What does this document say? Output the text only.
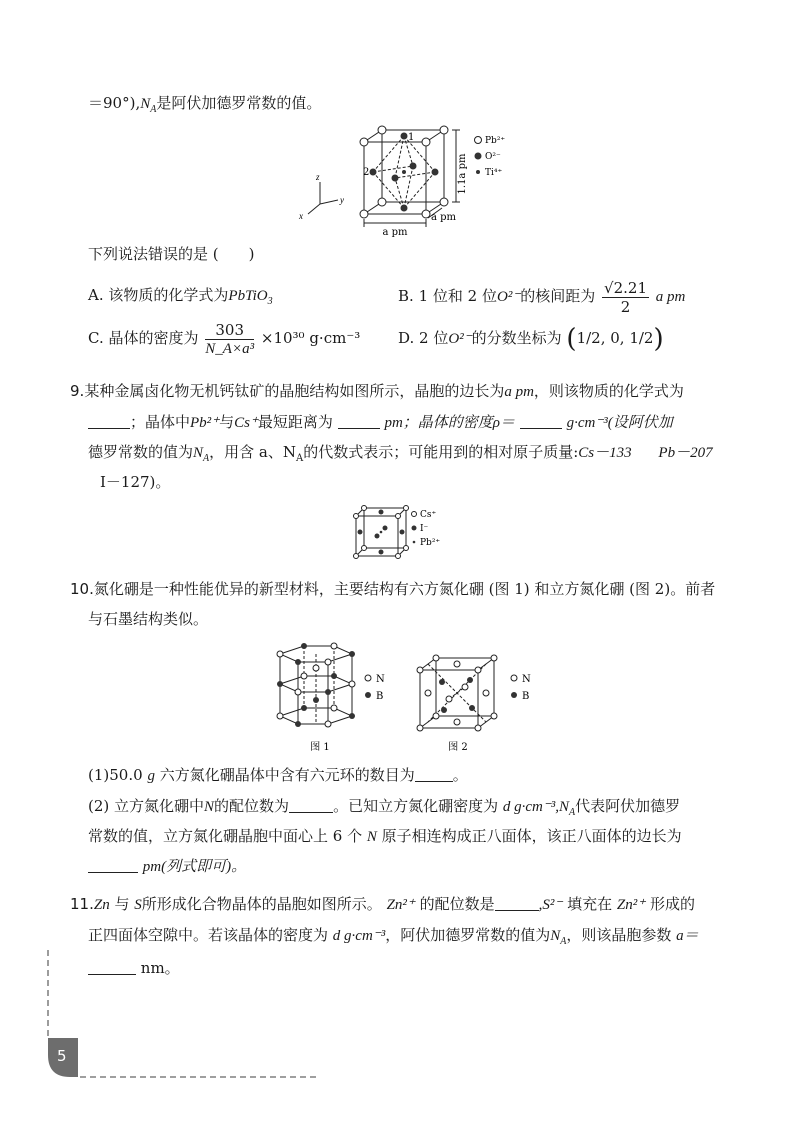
$=90^\circ),N_A$是阿伏加德罗常数的值。
1
2	1.1a pm
a pm
a pm
z
y
x
Pb²⁺
O²⁻
Ti⁴⁺
下列说法错误的是 (　　)
A. 该物质的化学式为PbTiO$_3$	B. 1 位和 2 位O²⁻的核间距为 $\frac{√2.21}{2}$ a pm
C. 晶体的密度为 $\frac{303}{\text{N\_A×a³}} \times 10^{30}$ g·cm⁻³	D. 2 位O²⁻的分数坐标为 (1/2, 0, 1/2)
9.某种金属卤化物无机钙钛矿的晶胞结构如图所示，晶胞的边长为a pm，则该物质的化学式为
；晶体中Pb²⁺与Cs⁺最短距离为	pm；晶体的密度ρ＝	g·cm⁻³(设阿伏加
德罗常数的值为$N_A$，用含 a、$N_A$的代数式表示；可能用到的相对原子质量:Cs－133 Pb－207
I－127)。
Cs⁺
I⁻
Pb²⁺
10.氮化硼是一种性能优异的新型材料，主要结构有六方氮化硼 (图 1) 和立方氮化硼 (图 2)。前者
与石墨结构类似。
N
B
图 1
N
B
图 2
(1)50.0 g 六方氮化硼晶体中含有六元环的数目为	。
(2) 立方氮化硼中N的配位数为	。已知立方氮化硼密度为 d $g\cdot cm^{-3},N_A$代表阿伏加德罗
常数的值，立方氮化硼晶胞中面心上 6 个 N 原子相连构成正八面体，该正八面体的边长为
pm(列式即可)。
11.Zn 与 S所形成化合物晶体的晶胞如图所示。 Zn²⁺ 的配位数是	,S²⁻ 填充在 Zn²⁺ 形成的
正四面体空隙中。若该晶体的密度为 d g·cm⁻³，阿伏加德罗常数的值为$N_A$，则该晶胞参数 a＝
nm。
5
